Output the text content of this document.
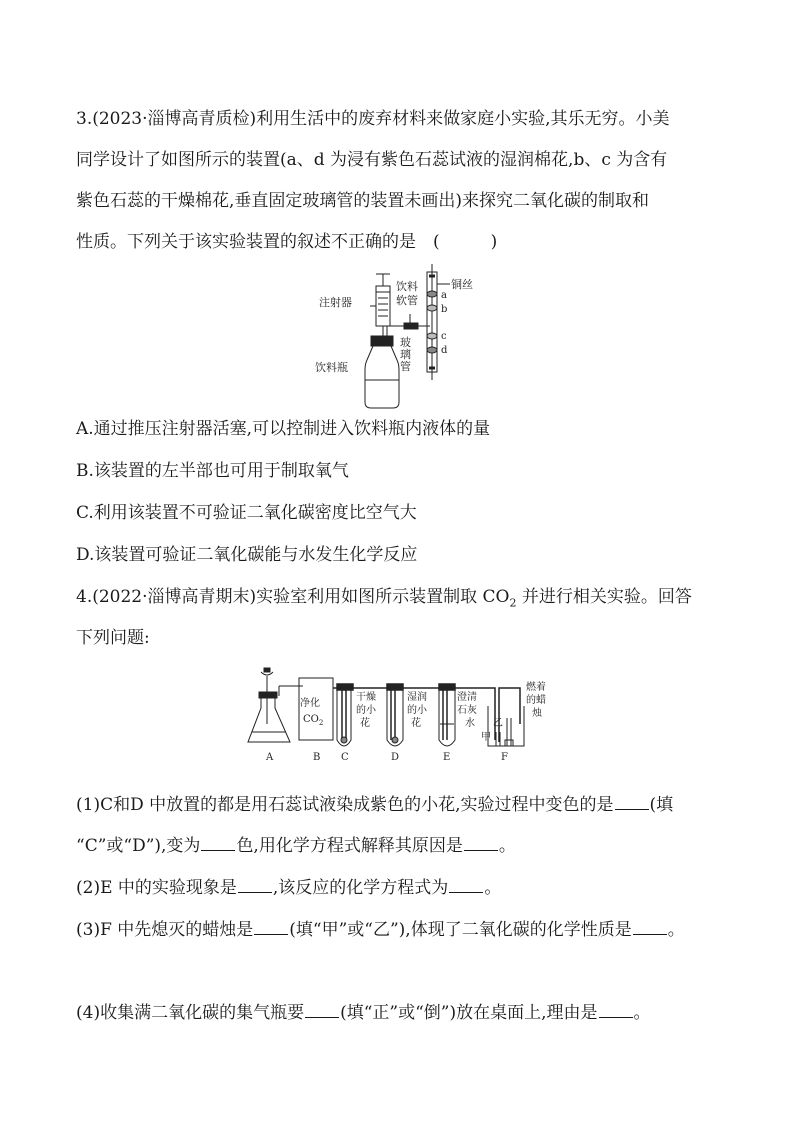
3.(2023·淄博高青质检)利用生活中的废弃材料来做家庭小实验,其乐无穷。小美
同学设计了如图所示的装置(a、d 为浸有紫色石蕊试液的湿润棉花,b、c 为含有
紫色石蕊的干燥棉花,垂直固定玻璃管的装置未画出)来探究二氧化碳的制取和
性质。下列关于该实验装置的叙述不正确的是　(　　　)
注射器
饮料
软管
饮料瓶
玻
璃
管
铜丝
a
b
c
d
A.通过推压注射器活塞,可以控制进入饮料瓶内液体的量
B.该装置的左半部也可用于制取氧气
C.利用该装置不可验证二氧化碳密度比空气大
D.该装置可验证二氧化碳能与水发生化学反应
4.(2022·淄博高青期末)实验室利用如图所示装置制取 $CO_2$ 并进行相关实验。回答
下列问题:
净化
$CO_2$
干燥
的小
花
湿润
的小
花
澄清
石灰
水
甲
乙
燃着
的蜡
烛
A	B C	D	E	F
(1)C和D 中放置的都是用石蕊试液染成紫色的小花,实验过程中变色的是 (填
“C”或“D”),变为 色,用化学方程式解释其原因是 。
(2)E 中的实验现象是 ,该反应的化学方程式为 。
(3)F 中先熄灭的蜡烛是 (填“甲”或“乙”),体现了二氧化碳的化学性质是 。
(4)收集满二氧化碳的集气瓶要 (填“正”或“倒”)放在桌面上,理由是 。
